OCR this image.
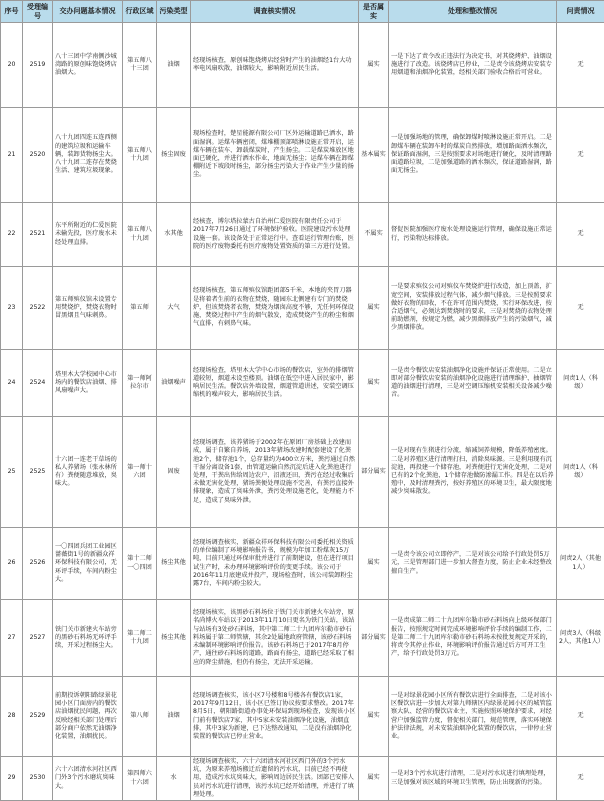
序号	受理编号	交办问题基本情况	行政区域	污染类型	调查核实情况	是否属实	处理和整改情况	问责情况
20	2519	八十三团中学南侧沙城湾路的原创味饱烧烤店油烟大。	第五师八十三团	油烟	经现场核查，原创味饱烧烤店经营时产生的油烟经1台大功率电风扇吹散，油烟较大，影响附近居民生活。	属实	一是下达了责令改正违法行为决定书，对其烧烤炉、油烟设施进行了改造。该烧烤店已停业，二是责令该烧烤店安装专用烟道和油烟净化装置，经相关部门验收合格后可营业。	无
21	2520	八十九团四连五连西侧的建筑垃圾和运输车辆，装卸货物扬尘大。八十九团二连存在焚烧生活、建筑垃圾现象。	第五师八十九团	扬尘固废	现场检查时，楚星能源有限公司厂区外运输道路已洒水，路面湿润。运煤车辆密闭，煤堆棚顶部喷淋设施正常开启，运煤车辆在装车、卸载煤炭时，产生扬尘。二是煤炭堆放区地面已硬化，并进行洒水作业，地面无扬尘；运煤车辆在卸煤棚附近下坡段时扬尘，部分扬尘污染大于作业产生少量的扬尘。	基本属实	一是加强场地的管理，确保卸煤时喷淋设施正常开启。二是卸煤车辆在装卸车时的煤炭自然排放，增加路面洒水频次，保证路面湿润，三是按照要求对场地进行硬化，及时清理路面道路垃圾，二是加强道路的洒水频次，保证道路湿润，路面无扬尘。	无
22	2521	东平所附近的仁爱医院未输先投，医疗废水未经处理直排。	第五师八十九团	水其他	经核查，博尔塔拉蒙古自治州仁爱医院有限责任公司于2017年7月26日通过了环境保护验收。医院建设污水处理设施一套。该设备处于正常运行中。查看运行管理台账，医院的医疗废物委托有医疗废物处置资质的第三方进行处置。	不属实	督促医院加强医疗废水处理设施运行管理，确保设施正常运行，污染物达标排放。	无
23	2522	第五师殡仪馆未设置专用焚烧炉，焚烧衣物时冒黑烟且气味刺鼻。	第五师	大气	经现场核查，第五师殡仪馆距团部5千米，本地的夹胃刀器是将着者生前的衣物在焚烧，随园东北侧建有专门的焚烧炉，但该焚烧者衣物，焚烧为烟囱高度不够，无任何环保设施，焚烧过程中产生的烟气散发，造成焚烧产生的粉尘和烟气直排，有刺鼻气味。	属实	一是要求殡仪公司对殡仪车焚烧炉进行改造，加上顶盖，扩宽空间，安装排放过程气体，减少烟气排放。三是按照要求做好衣物的回收，不在许可范围内焚烧，实行环保改进，按合适烟气，必须达到焚烧时的要求，三是对焚烧的衣物处理前助燃剂，按规定为燃，减少黑烟排放产生的污染烟气，减少黑烟排放。	无
24	2524	塔里木大学校园中心市场内的餐饮店油烟、排风扇噪声大。	第一师阿拉尔市	油烟噪声	经现场检查，塔里木大学中心市场的餐饮店，室外的排烟管道较短，烟道未设至楼顶。油烟在低空中进入居民家中，影响居民生活。餐饮店外墙设置，烟道管道讲述，安装空调压缩机的噪声较大，影响居民生活。	属实	一是责令餐饮店安装油烟净化设施并保证正常使用。二是立即对部分餐饮店安装的油烟净化设施进行清理维护、抽烟管道的油烟进行清理，三是对空调压缩机安装相关设备减少噪音。	问责1人（科级）
25	2525	十六团一连老干草场的私人养猪场（张永林所有）粪便随意堆放，臭味大。	第一师十六团	固废	经现场调查，该养猪场于2002年在原团厂房基础上改建而成，属于自繁自养场，2013年猪场改建时配套建设了化粪池2个，储存池1个，总存量约为400立方米，粪污通过自然干湿分离设备1套，由管道运输自然沉淀后进入化粪池进行处理，干粪出售给周边农户，沼液还田，粪污在经过收集后未做无害化处理，猪场粪便处理设施不完善，有粪污直接外排现象，造成了臭味外泄，粪污处理设施老化，处理能力不足，造成了臭味外泄。	部分属实	一是对现有生猪进行分流，缩减饲养规模，降低养殖密度。二是对养殖区进行清理打扫，消除臭味源。三是利用现有沉淀池，再投建一个储存池，对粪便进行无害化处理，二是对已有的2个化粪池，1个储存池做防渗漏工作。四是在以后养殖中，及时清理粪污，按好养殖区的环境卫生，最大限度地减少臭味散发。	问责1人（科级）
26	2526	一〇四团兵团工业园区蔷薇街1号的新疆众祥环保科技有限公司，无环评手续，车间内粉尘大。	第十二师一〇四团	扬尘其他	经现场调查核实，新疆众祥环保科技有限公司委托相关资质的单位编制了环境影响报告书，规模为年加工粉煤灰15万吨，目前只通过环保审批并进行了前期建设，但在进行项目试生产时，未办理环境影响评价的变更手续。该公司于2016年11月底建成并投产，现场检查时，该公司装卸粉尘露7台，车间内粉尘较大。	属实	一是责令该公司立即停产，二是对该公司给予行政处罚5万元，三是管理部门进一步加大督查力度，防止企业未经整改擅自生产。	问责2人（其他1人）
27	2527	铁门关市新建火车站旁的黑砂石料场无环评手续，开采过程扬尘大。	第二师二十九团	扬尘其他	经现场核实，该黑砂石料场位于铁门关市新建火车站旁，原名尚博火车站以于2013年11月10日更名为铁门关站，该站与站场有3处砂石料场，其中第二师二十九团库尔勒市砂石料场属于第二师管辖，其余2处属地政府管辖，该砂石料场未编制环境影响评价报告。该砂石料场已于2017年8月停产，通往砂石料场的道路，路面有扬尘，道路已经采取了相应的降尘措施，但仍有扬尘，无法开采运输。	部分属实	一是责成第二师二十九团库尔勒市砂石料场向上级环保部门报告，按照规定时间完成环境影响评价手续的编制工作，二是第二师二十九团库尔勒市砂石料场未按批复规定开采的，将责令其停止作业，环境影响评价报告通过后方可开工生产，给予行政处罚3万元。	问责3人（科级2人，其他1人）
28	2529	前期投诉朝阳路绿景花园小区门面房内的餐饮店油烟扰民问题，再次反映经相关部门处理后部分商户依然无油烟净化装置，油烟扰民。	第八师	油烟	经现场调查核实，该小区7号楼和8号楼各有餐饮店1家，2017年9月12日，该小区已签订协议按要求整改。2017年8月5日，朝阳路街道办事处环保局到现场检查，发现该小区门前有餐饮店7家，其中5家未安装油烟净化设施，油烟直排，其中3家为新建，已下达整改通知，二是没有油烟净化装置的餐饮店已停止营业。	属实	一是对绿景花园小区所有餐饮店进行全面排查，二是对该小区餐饮店进一步加大对第九师辖区内绿景花园小区的城管监察大队、经营的餐饮店业主，实施按照环境保护要求，对经营户加强监管力度，督促相关部门，规范管理，落实环境保护法律法规，对未安装油烟净化装置的餐饮店，一律停止营业。	无
29	2530	六十六团清水河社区西门外3个污水磨坑臭味大。	第四师六十六团	水	经现场调查核实，六十六团清水河社区西门外的3个污水坑，为原来养殖场搬迁后遗留的污水坑，目前已经不再使用，造成污水坑臭味大，影响周边居民生活。团部已安排人员对污水坑进行清理，该污水坑已经开始清理，并进行了填埋处理。	属实	一是对3个污水坑进行清理，二是对污水坑进行填埋处理，三是加强对该区域的环境卫生管理，防止出现新的污染。	无
